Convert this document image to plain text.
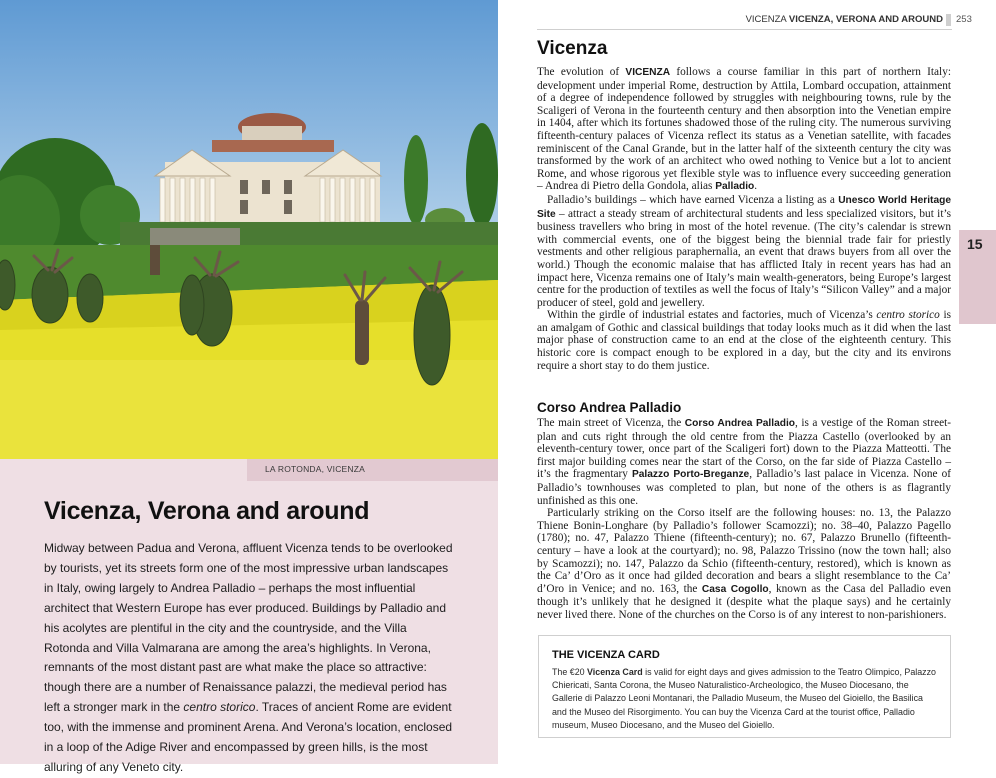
LA ROTONDA, VICENZA
Vicenza, Verona and around

Midway between Padua and Verona, affluent Vicenza tends to be overlooked by tourists, yet its streets form one of the most impressive urban landscapes in Italy, owing largely to Andrea Palladio – perhaps the most influential architect that Western Europe has ever produced. Buildings by Palladio and his acolytes are plentiful in the city and the countryside, and the Villa Rotonda and Villa Valmarana are among the area’s highlights. In Verona, remnants of the most distant past are what make the place so attractive: though there are a number of Renaissance palazzi, the medieval period has left a stronger mark in the centro storico. Traces of ancient Rome are evident too, with the immense and prominent Arena. And Verona’s location, enclosed in a loop of the Adige River and encompassed by green hills, is the most alluring of any Veneto city.

VICENZA VICENZA, VERONA AND AROUND 253
Vicenza

The evolution of VICENZA follows a course familiar in this part of northern Italy: development under imperial Rome, destruction by Attila, Lombard occupation, attainment of a degree of independence followed by struggles with neighbouring towns, rule by the Scaligeri of Verona in the fourteenth century and then absorption into the Venetian empire in 1404, after which its fortunes shadowed those of the ruling city. The numerous surviving fifteenth-century palaces of Vicenza reflect its status as a Venetian satellite, with facades reminiscent of the Canal Grande, but in the latter half of the sixteenth century the city was transformed by the work of an architect who owed nothing to Venice but a lot to ancient Rome, and whose rigorous yet flexible style was to influence every succeeding generation – Andrea di Pietro della Gondola, alias Palladio.

Palladio’s buildings – which have earned Vicenza a listing as a Unesco World Heritage Site – attract a steady stream of architectural students and less specialized visitors, but it’s business travellers who bring in most of the hotel revenue. (The city’s calendar is strewn with commercial events, one of the biggest being the biennial trade fair for priestly vestments and other religious paraphernalia, an event that draws buyers from all over the world.) Though the economic malaise that has afflicted Italy in recent years has had an impact here, Vicenza remains one of Italy’s main wealth-generators, being Europe’s largest centre for the production of textiles as well the focus of Italy’s “Silicon Valley” and a major producer of steel, gold and jewellery.

Within the girdle of industrial estates and factories, much of Vicenza’s centro storico is an amalgam of Gothic and classical buildings that today looks much as it did when the last major phase of construction came to an end at the close of the eighteenth century. This historic core is compact enough to be explored in a day, but the city and its environs require a short stay to do them justice.

15
Corso Andrea Palladio

The main street of Vicenza, the Corso Andrea Palladio, is a vestige of the Roman street-plan and cuts right through the old centre from the Piazza Castello (overlooked by an eleventh-century tower, once part of the Scaligeri fort) down to the Piazza Matteotti. The first major building comes near the start of the Corso, on the far side of Piazza Castello – it’s the fragmentary Palazzo Porto-Breganze, Palladio’s last palace in Vicenza. None of Palladio’s townhouses was completed to plan, but none of the others is as flagrantly unfinished as this one.

Particularly striking on the Corso itself are the following houses: no. 13, the Palazzo Thiene Bonin-Longhare (by Palladio’s follower Scamozzi); no. 38–40, Palazzo Pagello (1780); no. 47, Palazzo Thiene (fifteenth-century); no. 67, Palazzo Brunello (fifteenth-century – have a look at the courtyard); no. 98, Palazzo Trissino (now the town hall; also by Scamozzi); no. 147, Palazzo da Schio (fifteenth-century, restored), which is known as the Ca’ d’Oro as it once had gilded decoration and bears a slight resemblance to the Ca’ d’Oro in Venice; and no. 163, the Casa Cogollo, known as the Casa del Palladio even though it’s unlikely that he designed it (despite what the plaque says) and he certainly never lived there. None of the churches on the Corso is of any interest to non-parishioners.

THE VICENZA CARD

The €20 Vicenza Card is valid for eight days and gives admission to the Teatro Olimpico, Palazzo Chiericati, Santa Corona, the Museo Naturalistico-Archeologico, the Museo Diocesano, the Gallerie di Palazzo Leoni Montanari, the Palladio Museum, the Museo del Gioiello, the Basilica and the Museo del Risorgimento. You can buy the Vicenza Card at the tourist office, Palladio museum, Museo Diocesano, and the Museo del Gioiello.
